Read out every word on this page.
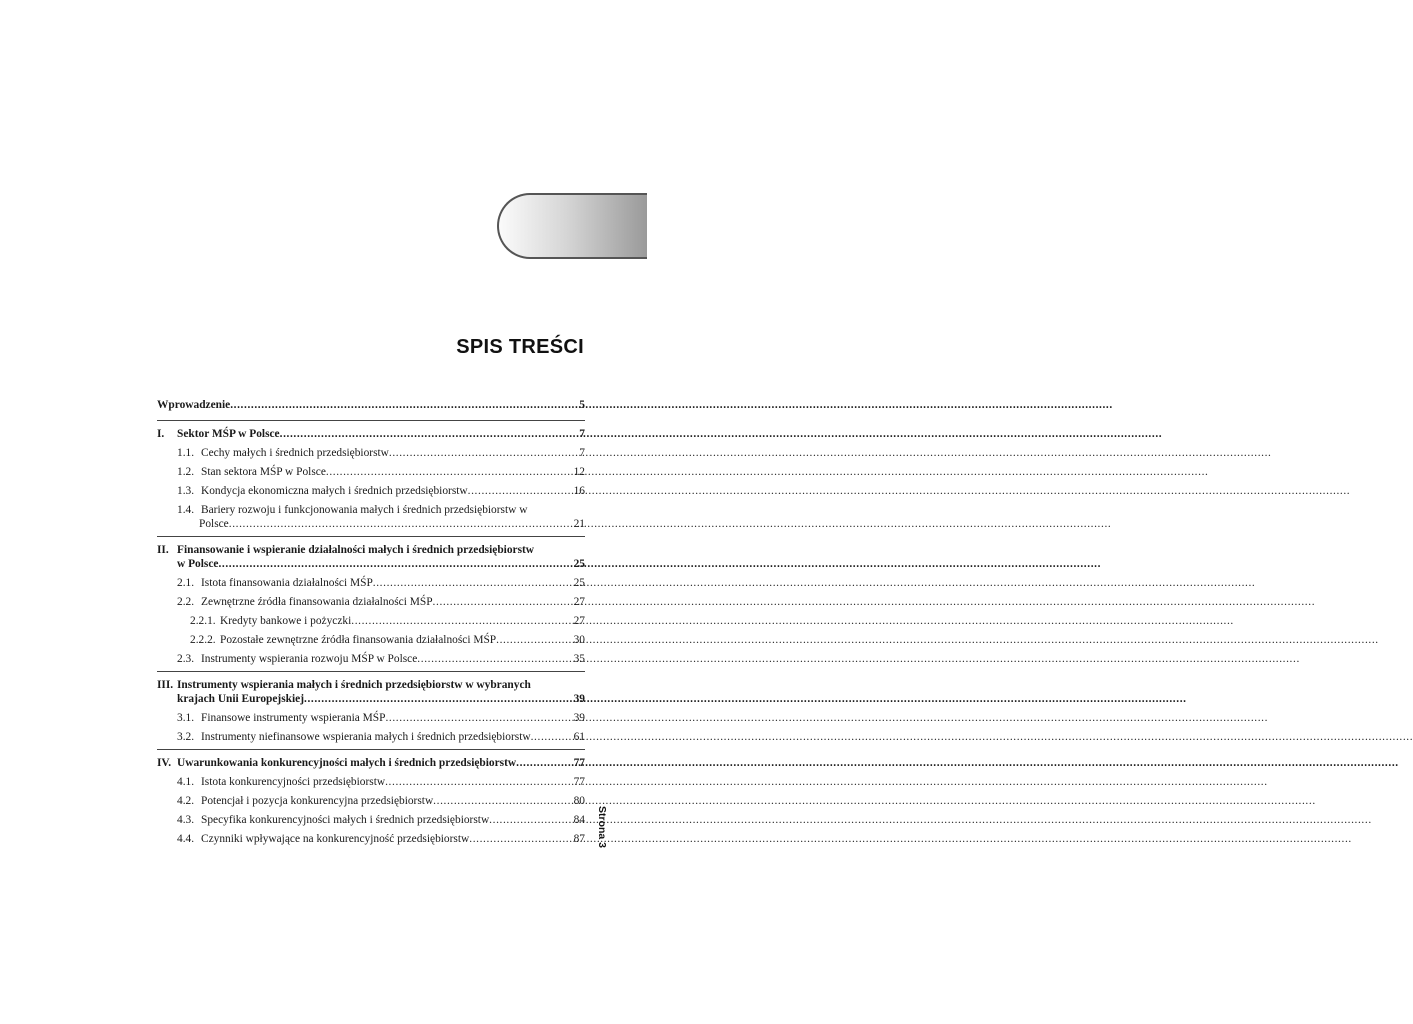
SPIS TREŚCI
Wprowadzenie .....	5
I.	Sektor MŚP w Polsce .....	7
1.1. Cechy małych i średnich przedsiębiorstw .....	7
1.2. Stan sektora MŚP w Polsce .....	12
1.3. Kondycja ekonomiczna małych i średnich przedsiębiorstw .....	16
1.4. Bariery rozwoju i funkcjonowania małych i średnich przedsiębiorstw w
Polsce .....	21
II. Finansowanie i wspieranie działalności małych i średnich przedsiębiorstw
w Polsce .....	25
2.1. Istota finansowania działalności MŚP .....	25
2.2. Zewnętrzne źródła finansowania działalności MŚP .....	27
2.2.1. Kredyty bankowe i pożyczki .....	27
2.2.2. Pozostałe zewnętrzne źródła finansowania działalności MŚP .....	30
2.3. Instrumenty wspierania rozwoju MŚP w Polsce .....	35
III. Instrumenty wspierania małych i średnich przedsiębiorstw w wybranych
krajach Unii Europejskiej .....	39
3.1. Finansowe instrumenty wspierania MŚP .....	39
3.2. Instrumenty niefinansowe wspierania małych i średnich przedsiębiorstw .....	61
IV. Uwarunkowania konkurencyjności małych i średnich przedsiębiorstw .....	77
4.1. Istota konkurencyjności przedsiębiorstw .....	77
4.2. Potencjał i pozycja konkurencyjna przedsiębiorstw .....	80
4.3. Specyfika konkurencyjności małych i średnich przedsiębiorstw .....	84
4.4. Czynniki wpływające na konkurencyjność przedsiębiorstw .....	87 Strona 3
